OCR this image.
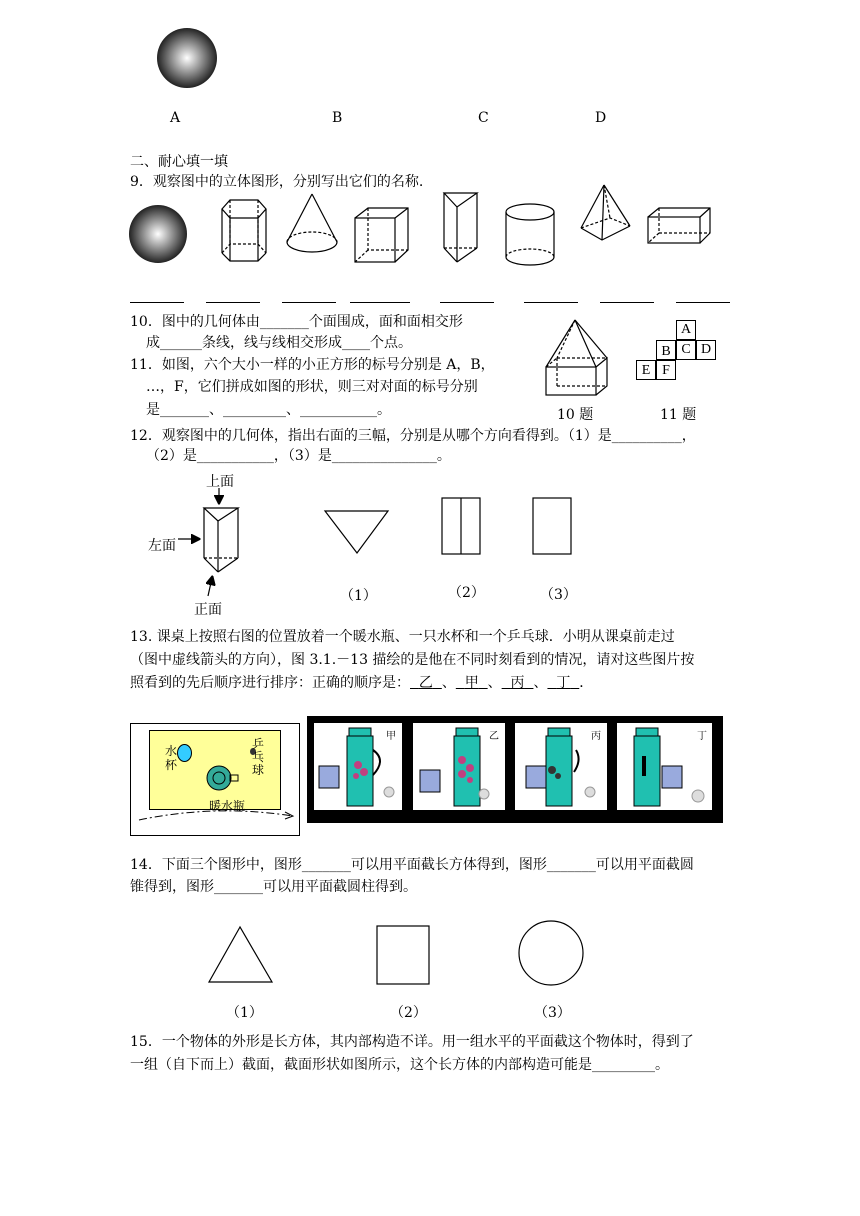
A	B	C	D
二、耐心填一填
9．观察图中的立体图形，分别写出它们的名称.
10．图中的几何体由_______个面围成，面和面相交形
成______条线，线与线相交形成____个点。
11．如图，六个大小一样的小正方形的标号分别是 A，B，
…，F，它们拼成如图的形状，则三对对面的标号分别
是_______、_________、___________。
A
B C D
E F
10 题	11 题
12．观察图中的几何体，指出右面的三幅，分别是从哪个方向看得到。（1）是__________，
（2）是___________，（3）是_______________。
上面
左面
正面
（1）	（2）	（3）
13. 课桌上按照右图的位置放着一个暖水瓶、一只水杯和一个乒乓球．小明从课桌前走过
（图中虚线箭头的方向），图 3.1.－13 描绘的是他在不同时刻看到的情况，请对这些图片按
照看到的先后顺序进行排序：正确的顺序是： 乙 、 甲 、 丙 、 丁 ．
水杯
乒乓球
暖水瓶
甲	乙	丙	丁
14．下面三个图形中，图形_______可以用平面截长方体得到，图形_______可以用平面截圆
锥得到，图形_______可以用平面截圆柱得到。
（1）	（2）	（3）
15．一个物体的外形是长方体，其内部构造不详。用一组水平的平面截这个物体时，得到了
一组（自下而上）截面，截面形状如图所示，这个长方体的内部构造可能是_________。
